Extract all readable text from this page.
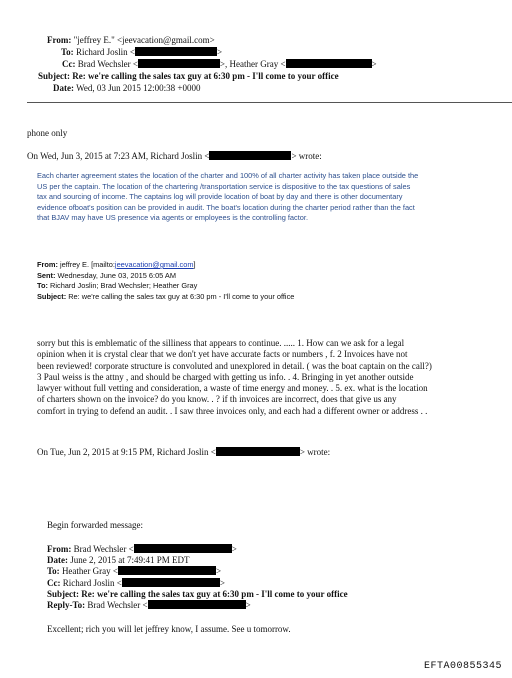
From: "jeffrey E." <jeevacation@gmail.com>
To: Richard Joslin <	>
Cc: Brad Wechsler <	>, Heather Gray <	>
Subject: Re: we're calling the sales tax guy at 6:30 pm - I'll come to your office
Date: Wed, 03 Jun 2015 12:00:38 +0000
phone only
On Wed, Jun 3, 2015 at 7:23 AM, Richard Joslin <	> wrote:
Each charter agreement states the location of the charter and 100% of all charter activity has taken place outside the
US per the captain. The location of the chartering /transportation service is dispositive to the tax questions of sales
tax and sourcing of income. The captains log will provide location of boat by day and there is other documentary
evidence ofboat's position can be provided in audit. The boat's location during the charter period rather than the fact
that BJAV may have US presence via agents or employees is the controlling factor.
From: jeffrey E. [mailto:jeevacation@gmail.com]
Sent: Wednesday, June 03, 2015 6:05 AM
To: Richard Joslin; Brad Wechsler; Heather Gray
Subject: Re: we're calling the sales tax guy at 6:30 pm - I'll come to your office
sorry but this is emblematic of the silliness that appears to continue. ..... 1. How can we ask for a legal
opinion when it is crystal clear that we don't yet have accurate facts or numbers , f. 2 Invoices have not
been reviewed! corporate structure is convoluted and unexplored in detail. ( was the boat captain on the call?)
3 Paul weiss is the attny , and should be charged with getting us info. . 4. Bringing in yet another outside
lawyer without full vetting and consideration, a waste of time energy and money. . 5. ex. what is the location
of charters shown on the invoice? do you know. . ? if th invoices are incorrect, does that give us any
comfort in trying to defend an audit. . I saw three invoices only, and each had a different owner or address . .
On Tue, Jun 2, 2015 at 9:15 PM, Richard Joslin <	> wrote:
Begin forwarded message:
From: Brad Wechsler <	>
Date: June 2, 2015 at 7:49:41 PM EDT
To: Heather Gray <	>
Cc: Richard Joslin <	>
Subject: Re: we're calling the sales tax guy at 6:30 pm - I'll come to your office
Reply-To: Brad Wechsler <	>
Excellent; rich you will let jeffrey know, I assume. See u tomorrow.
EFTA00855345
